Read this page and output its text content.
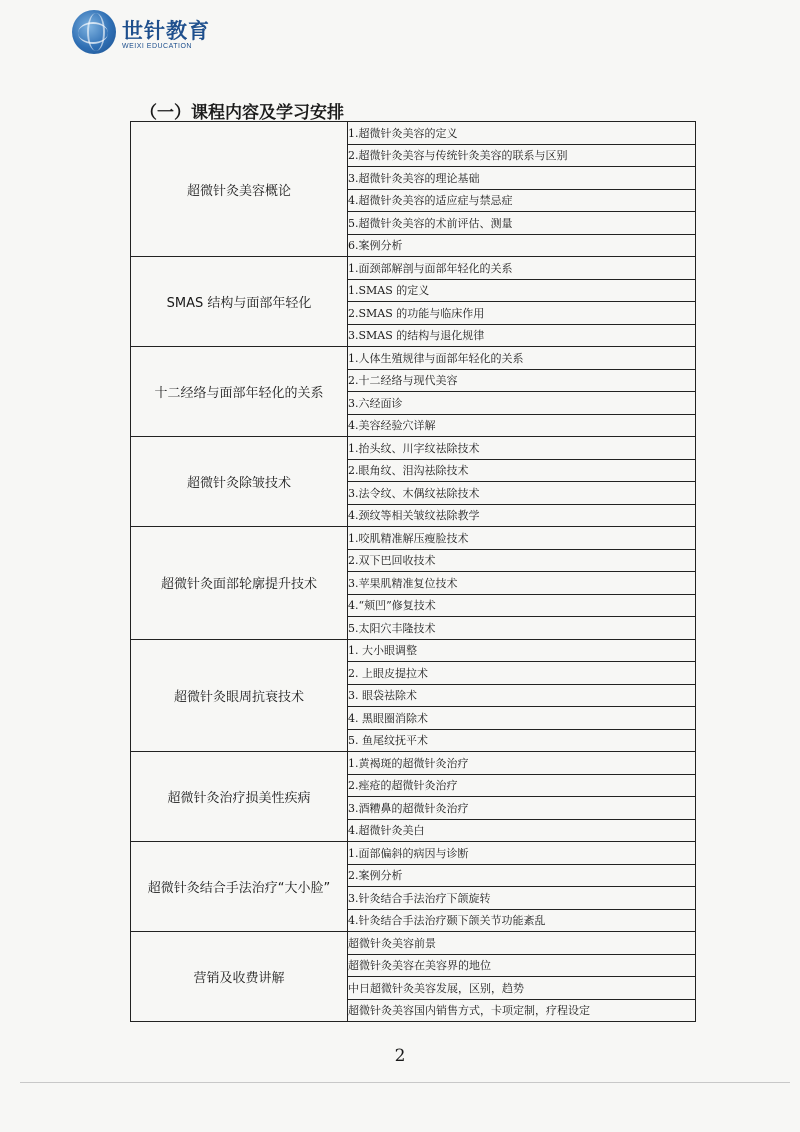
世针教育
WEIXI EDUCATION
（一）课程内容及学习安排
超微针灸美容概论	1.超微针灸美容的定义
	2.超微针灸美容与传统针灸美容的联系与区别
	3.超微针灸美容的理论基础
	4.超微针灸美容的适应症与禁忌症
	5.超微针灸美容的术前评估、测量
	6.案例分析
SMAS 结构与面部年轻化	1.面颈部解剖与面部年轻化的关系
	1.SMAS 的定义
	2.SMAS 的功能与临床作用
	3.SMAS 的结构与退化规律
十二经络与面部年轻化的关系	1.人体生殖规律与面部年轻化的关系
	2.十二经络与现代美容
	3.六经面诊
	4.美容经验穴详解
超微针灸除皱技术	1.抬头纹、川字纹祛除技术
	2.眼角纹、泪沟祛除技术
	3.法令纹、木偶纹祛除技术
	4.颈纹等相关皱纹祛除教学
超微针灸面部轮廓提升技术	1.咬肌精准解压瘦脸技术
	2.双下巴回收技术
	3.苹果肌精准复位技术
	4.“颊凹”修复技术
	5.太阳穴丰隆技术
超微针灸眼周抗衰技术	1. 大小眼调整
	2. 上眼皮提拉术
	3. 眼袋祛除术
	4. 黑眼圈消除术
	5. 鱼尾纹抚平术
超微针灸治疗损美性疾病	1.黄褐斑的超微针灸治疗
	2.痤疮的超微针灸治疗
	3.酒糟鼻的超微针灸治疗
	4.超微针灸美白
超微针灸结合手法治疗“大小脸”	1.面部偏斜的病因与诊断
	2.案例分析
	3.针灸结合手法治疗下颌旋转
	4.针灸结合手法治疗颞下颌关节功能紊乱
营销及收费讲解	超微针灸美容前景
	超微针灸美容在美容界的地位
	中日超微针灸美容发展，区别，趋势
	超微针灸美容国内销售方式，卡项定制，疗程设定
2
